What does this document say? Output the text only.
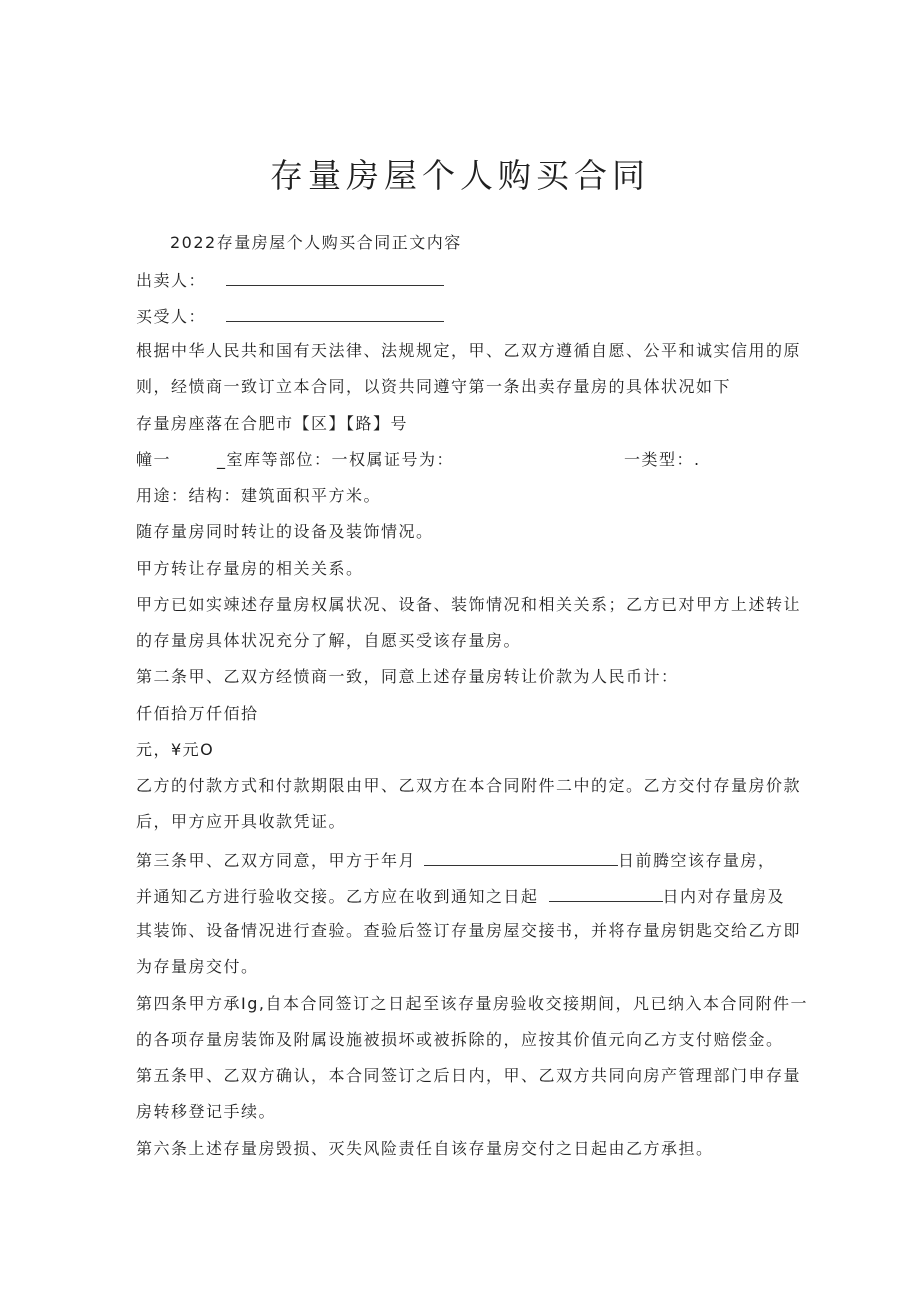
存量房屋个人购买合同
2022存量房屋个人购买合同正文内容
出卖人：
买受人：
根据中华人民共和国有天法律、法规规定，甲、乙双方遵循自愿、公平和诚实信用的原
则，经愤商一致订立本合同，以资共同遵守第一条出卖存量房的具体状况如下
存量房座落在合肥市【区】【路】号
幢一	_室库等部位：一权属证号为：	一类型：.
用途：结构：建筑面积平方米。
随存量房同时转让的设备及装饰情况。
甲方转让存量房的相关关系。
甲方已如实竦述存量房权属状况、设备、装饰情况和相关关系；乙方已对甲方上述转让
的存量房具体状况充分了解，自愿买受该存量房。
第二条甲、乙双方经愤商一致，同意上述存量房转让价款为人民币计：
仟佰拾万仟佰拾
元，¥元O
乙方的付款方式和付款期限由甲、乙双方在本合同附件二中的定。乙方交付存量房价款
后，甲方应开具收款凭证。
第三条甲、乙双方同意，甲方于年月	日前腾空该存量房，
并通知乙方进行验收交接。乙方应在收到通知之日起	日内对存量房及
其装饰、设备情况进行查验。查验后签订存量房屋交接书，并将存量房钥匙交给乙方即
为存量房交付。
第四条甲方承Ig,自本合同签订之日起至该存量房验收交接期间，凡已纳入本合同附件一
的各项存量房装饰及附属设施被损坏或被拆除的，应按其价值元向乙方支付赔偿金。
第五条甲、乙双方确认，本合同签订之后日内，甲、乙双方共同向房产管理部门申存量
房转移登记手续。
第六条上述存量房毁损、灭失风险责任自该存量房交付之日起由乙方承担。
